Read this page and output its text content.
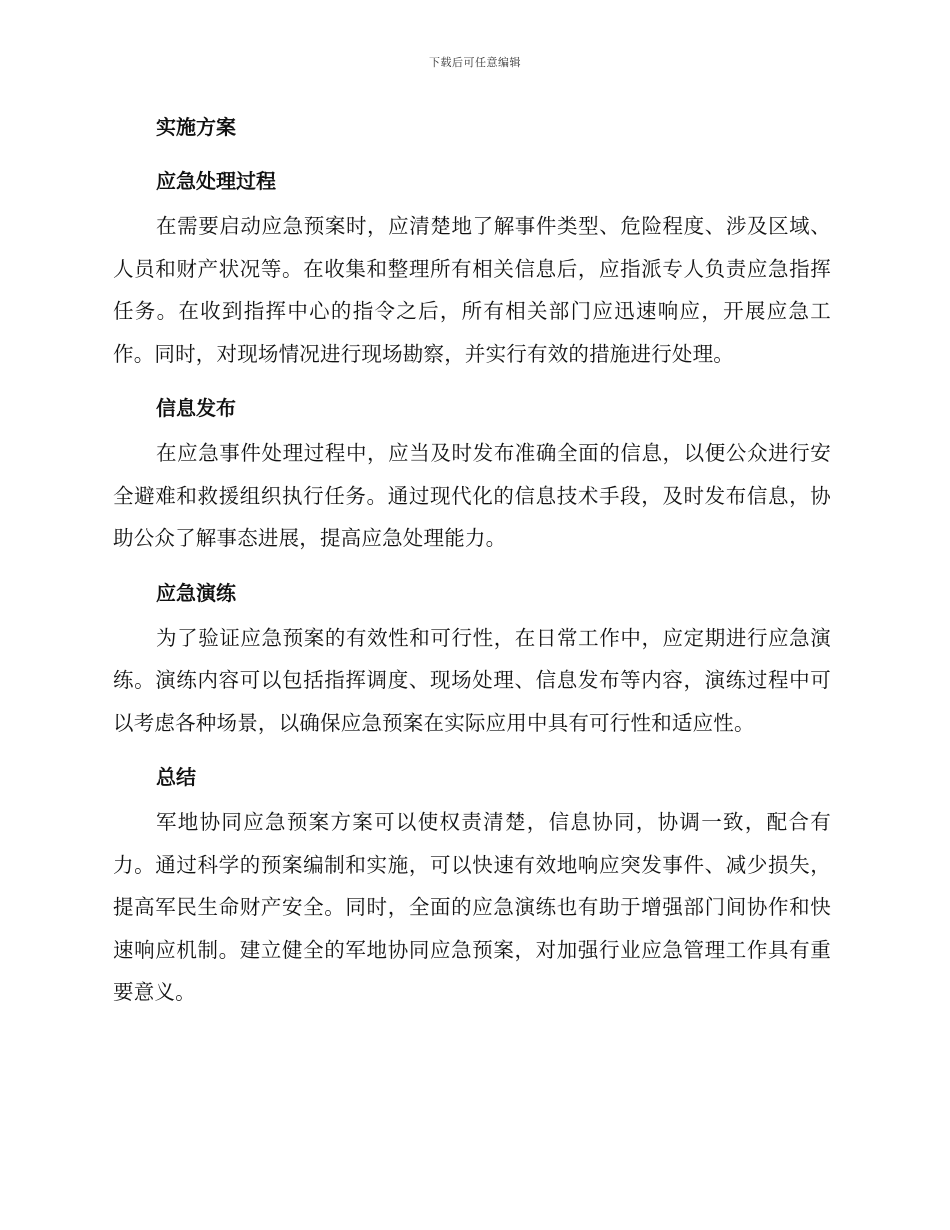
下载后可任意编辑
实施方案
应急处理过程

在需要启动应急预案时，应清楚地了解事件类型、危险程度、涉及区域、人员和财产状况等。在收集和整理所有相关信息后，应指派专人负责应急指挥任务。在收到指挥中心的指令之后，所有相关部门应迅速响应，开展应急工作。同时，对现场情况进行现场勘察，并实行有效的措施进行处理。

信息发布

在应急事件处理过程中，应当及时发布准确全面的信息，以便公众进行安全避难和救援组织执行任务。通过现代化的信息技术手段，及时发布信息，协助公众了解事态进展，提高应急处理能力。

应急演练

为了验证应急预案的有效性和可行性，在日常工作中，应定期进行应急演练。演练内容可以包括指挥调度、现场处理、信息发布等内容，演练过程中可以考虑各种场景，以确保应急预案在实际应用中具有可行性和适应性。

总结

军地协同应急预案方案可以使权责清楚，信息协同，协调一致，配合有力。通过科学的预案编制和实施，可以快速有效地响应突发事件、减少损失，提高军民生命财产安全。同时，全面的应急演练也有助于增强部门间协作和快速响应机制。建立健全的军地协同应急预案，对加强行业应急管理工作具有重要意义。
